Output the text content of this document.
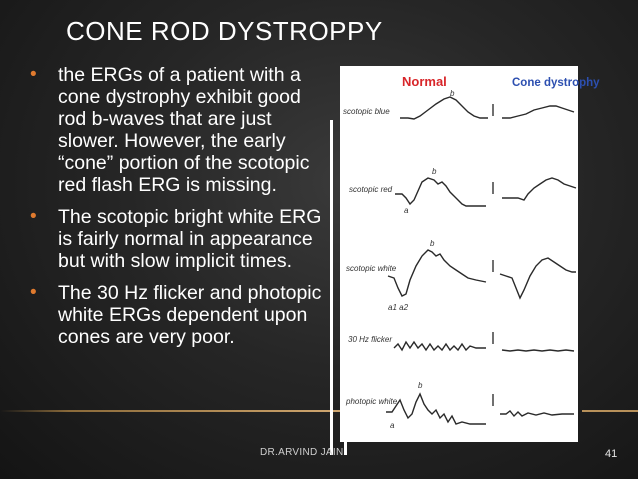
CONE ROD DYSTROPPY
• the ERGs of a patient with a cone dystrophy exhibit good rod b-waves that are just slower. However, the early “cone” portion of the scotopic red flash ERG is missing.
• The scotopic bright white ERG is fairly normal in appearance but with slow implicit times.
• The 30 Hz flicker and photopic white ERGs dependent upon cones are very poor.
Normal	Cone dystrophy
scotopic blue
scotopic red
scotopic white
30 Hz flicker
photopic white
b
b
a
b
a1 a2
b
a
DR.ARVIND JAIN	41
